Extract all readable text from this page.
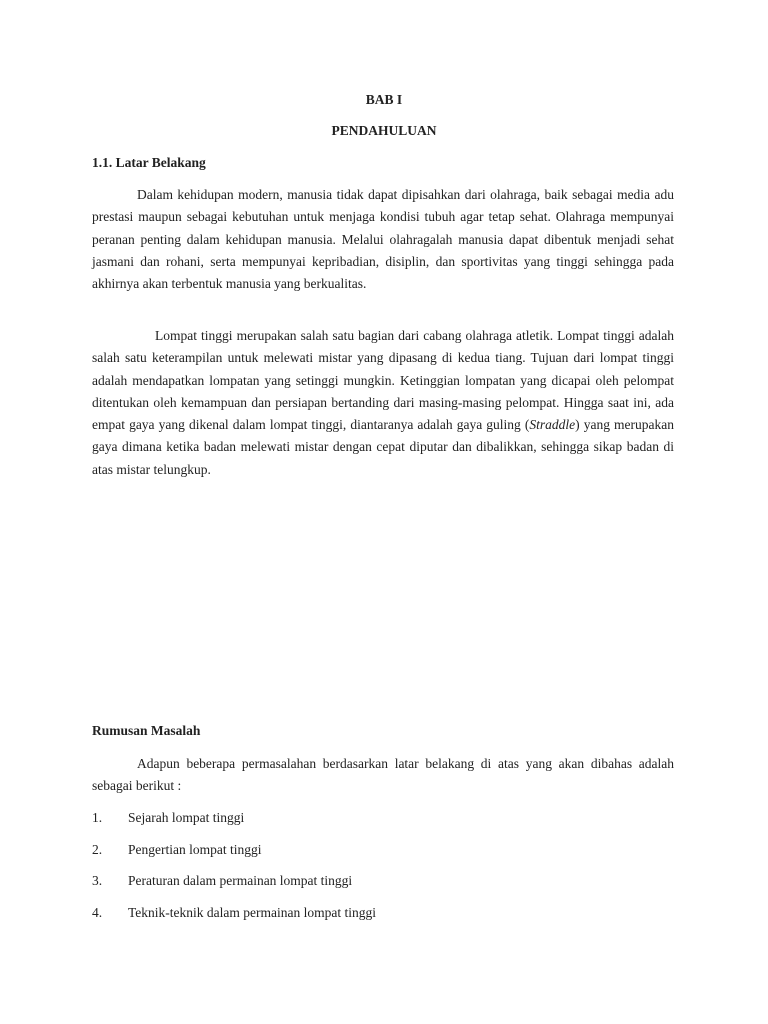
BAB I
PENDAHULUAN
1.1. Latar Belakang

Dalam kehidupan modern, manusia tidak dapat dipisahkan dari olahraga, baik sebagai media adu prestasi maupun sebagai kebutuhan untuk menjaga kondisi tubuh agar tetap sehat. Olahraga mempunyai peranan penting dalam kehidupan manusia. Melalui olahragalah manusia dapat dibentuk menjadi sehat jasmani dan rohani, serta mempunyai kepribadian, disiplin, dan sportivitas yang tinggi sehingga pada akhirnya akan terbentuk manusia yang berkualitas.

Lompat tinggi merupakan salah satu bagian dari cabang olahraga atletik. Lompat tinggi adalah salah satu keterampilan untuk melewati mistar yang dipasang di kedua tiang. Tujuan dari lompat tinggi adalah mendapatkan lompatan yang setinggi mungkin. Ketinggian lompatan yang dicapai oleh pelompat ditentukan oleh kemampuan dan persiapan bertanding dari masing-masing pelompat. Hingga saat ini, ada empat gaya yang dikenal dalam lompat tinggi, diantaranya adalah gaya guling (Straddle) yang merupakan gaya dimana ketika badan melewati mistar dengan cepat diputar dan dibalikkan, sehingga sikap badan di atas mistar telungkup.

Rumusan Masalah

Adapun beberapa permasalahan berdasarkan latar belakang di atas yang akan dibahas adalah sebagai berikut :

1. Sejarah lompat tinggi
2. Pengertian lompat tinggi
3. Peraturan dalam permainan lompat tinggi
4. Teknik-teknik dalam permainan lompat tinggi
